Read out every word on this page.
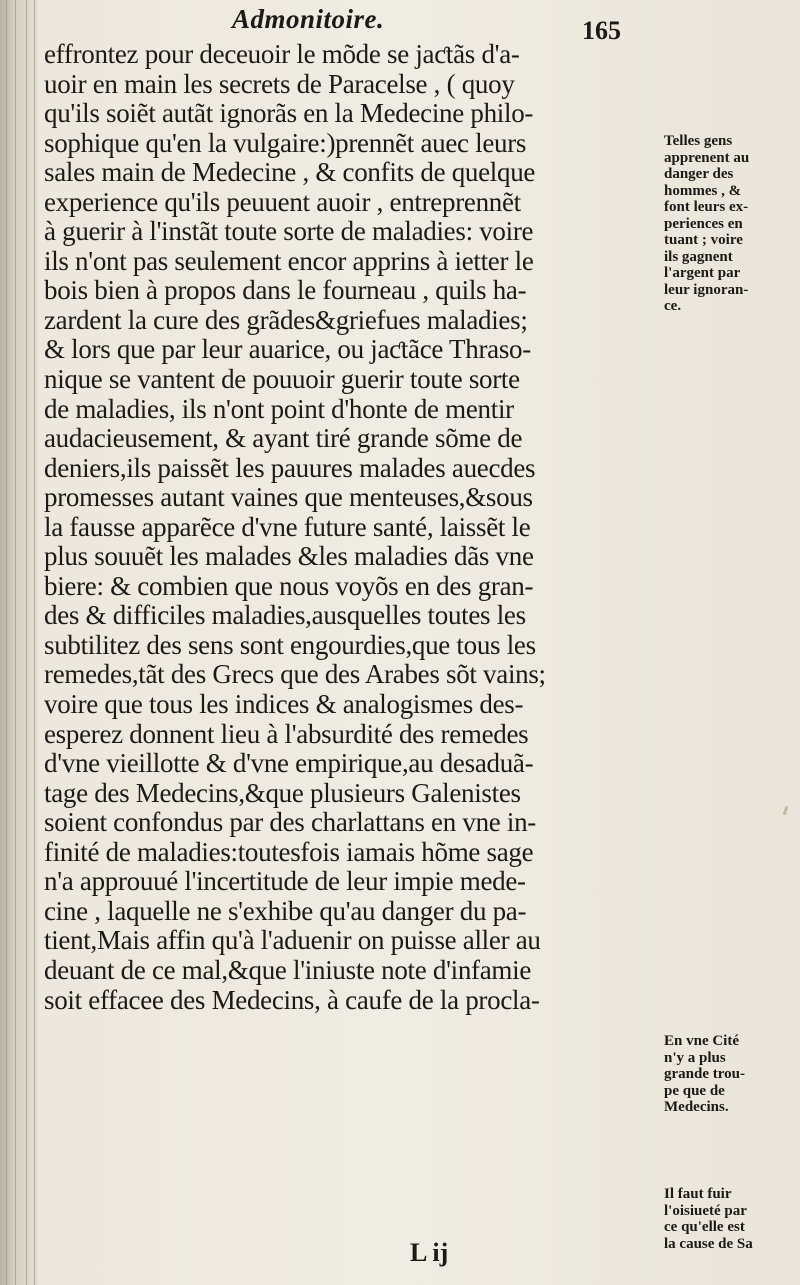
Admonitoire.	165
effrontez pour deceuoir le mõde se jaƈtãs d'a-
uoir en main les secrets de Paracelse , ( quoy
qu'ils soiẽt autãt ignorãs en la Medecine philo-
sophique qu'en la vulgaire:)prennẽt auec leurs
sales main de Medecine , & confits de quelque
experience qu'ils peuuent auoir , entreprennẽt
à guerir à l'instãt toute sorte de maladies: voire
ils n'ont pas seulement encor apprins à ietter le
bois bien à propos dans le fourneau , quils ha-
zardent la cure des grãdes&griefues maladies;
& lors que par leur auarice, ou jaƈtãce Thraso-
nique se vantent de pouuoir guerir toute sorte
de maladies, ils n'ont point d'honte de mentir
audacieusement, & ayant tiré grande sõme de
deniers,ils paissẽt les pauures malades auecdes
promesses autant vaines que menteuses,&sous
la fausse apparẽce d'vne future santé, laissẽt le
plus souuẽt les malades &les maladies dãs vne
biere: & combien que nous voyõs en des gran-
des & difficiles maladies,ausquelles toutes les
subtilitez des sens sont engourdies,que tous les
remedes,tãt des Grecs que des Arabes sõt vains;
voire que tous les indices & analogismes des-
esperez donnent lieu à l'absurdité des remedes
d'vne vieillotte & d'vne empirique,au desaduã-
tage des Medecins,&que plusieurs Galenistes
soient confondus par des charlattans en vne in-
finité de maladies:toutesfois iamais hõme sage
n'a approuué l'incertitude de leur impie mede-
cine , laquelle ne s'exhibe qu'au danger du pa-
tient,Mais affin qu'à l'aduenir on puisse aller au
deuant de ce mal,&que l'iniuste note d'infamie
soit effacee des Medecins, à caufe de la procla-
Telles gens
apprenent au
danger des
hommes , &
font leurs ex-
periences en
tuant ; voire
ils gagnent
l'argent par
leur ignoran-
ce.
En vne Cité
n'y a plus
grande trou-
pe que de
Medecins.
Il faut fuir
l'oisiueté par
ce qu'elle est
la cause de Sa
L ij
